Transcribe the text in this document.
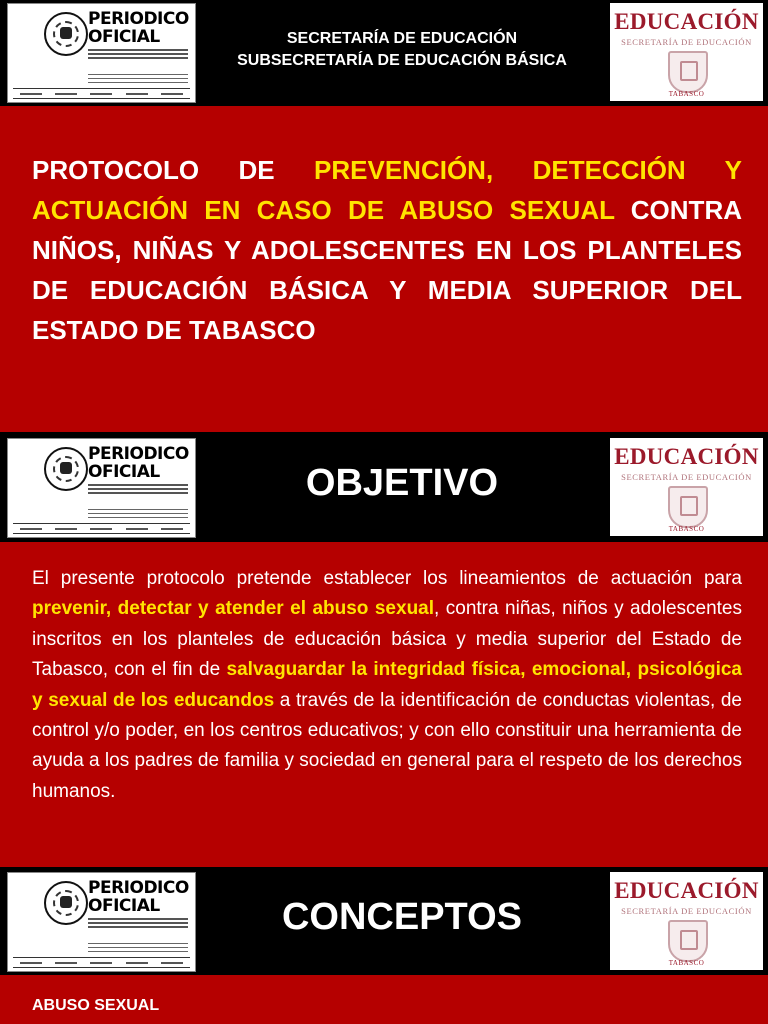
PERIODICO
OFICIAL	SECRETARÍA DE EDUCACIÓN
SUBSECRETARÍA DE EDUCACIÓN BÁSICA
EDUCACIÓN
SECRETARÍA DE EDUCACIÓN
TABASCO
PROTOCOLO DE PREVENCIÓN, DETECCIÓN Y ACTUACIÓN EN CASO DE ABUSO SEXUAL CONTRA NIÑOS, NIÑAS Y ADOLESCENTES EN LOS PLANTELES DE EDUCACIÓN BÁSICA Y MEDIA SUPERIOR DEL ESTADO DE TABASCO
PERIODICO
OFICIAL	OBJETIVO
EDUCACIÓN
SECRETARÍA DE EDUCACIÓN
TABASCO
El presente protocolo pretende establecer los lineamientos de actuación para prevenir, detectar y atender el abuso sexual, contra niñas, niños y adolescentes inscritos en los planteles de educación básica y media superior del Estado de Tabasco, con el fin de salvaguardar la integridad física, emocional, psicológica y sexual de los educandos a través de la identificación de conductas violentas, de control y/o poder, en los centros educativos; y con ello constituir una herramienta de ayuda a los padres de familia y sociedad en general para el respeto de los derechos humanos.
PERIODICO
OFICIAL	CONCEPTOS
EDUCACIÓN
SECRETARÍA DE EDUCACIÓN
TABASCO
ABUSO SEXUAL
